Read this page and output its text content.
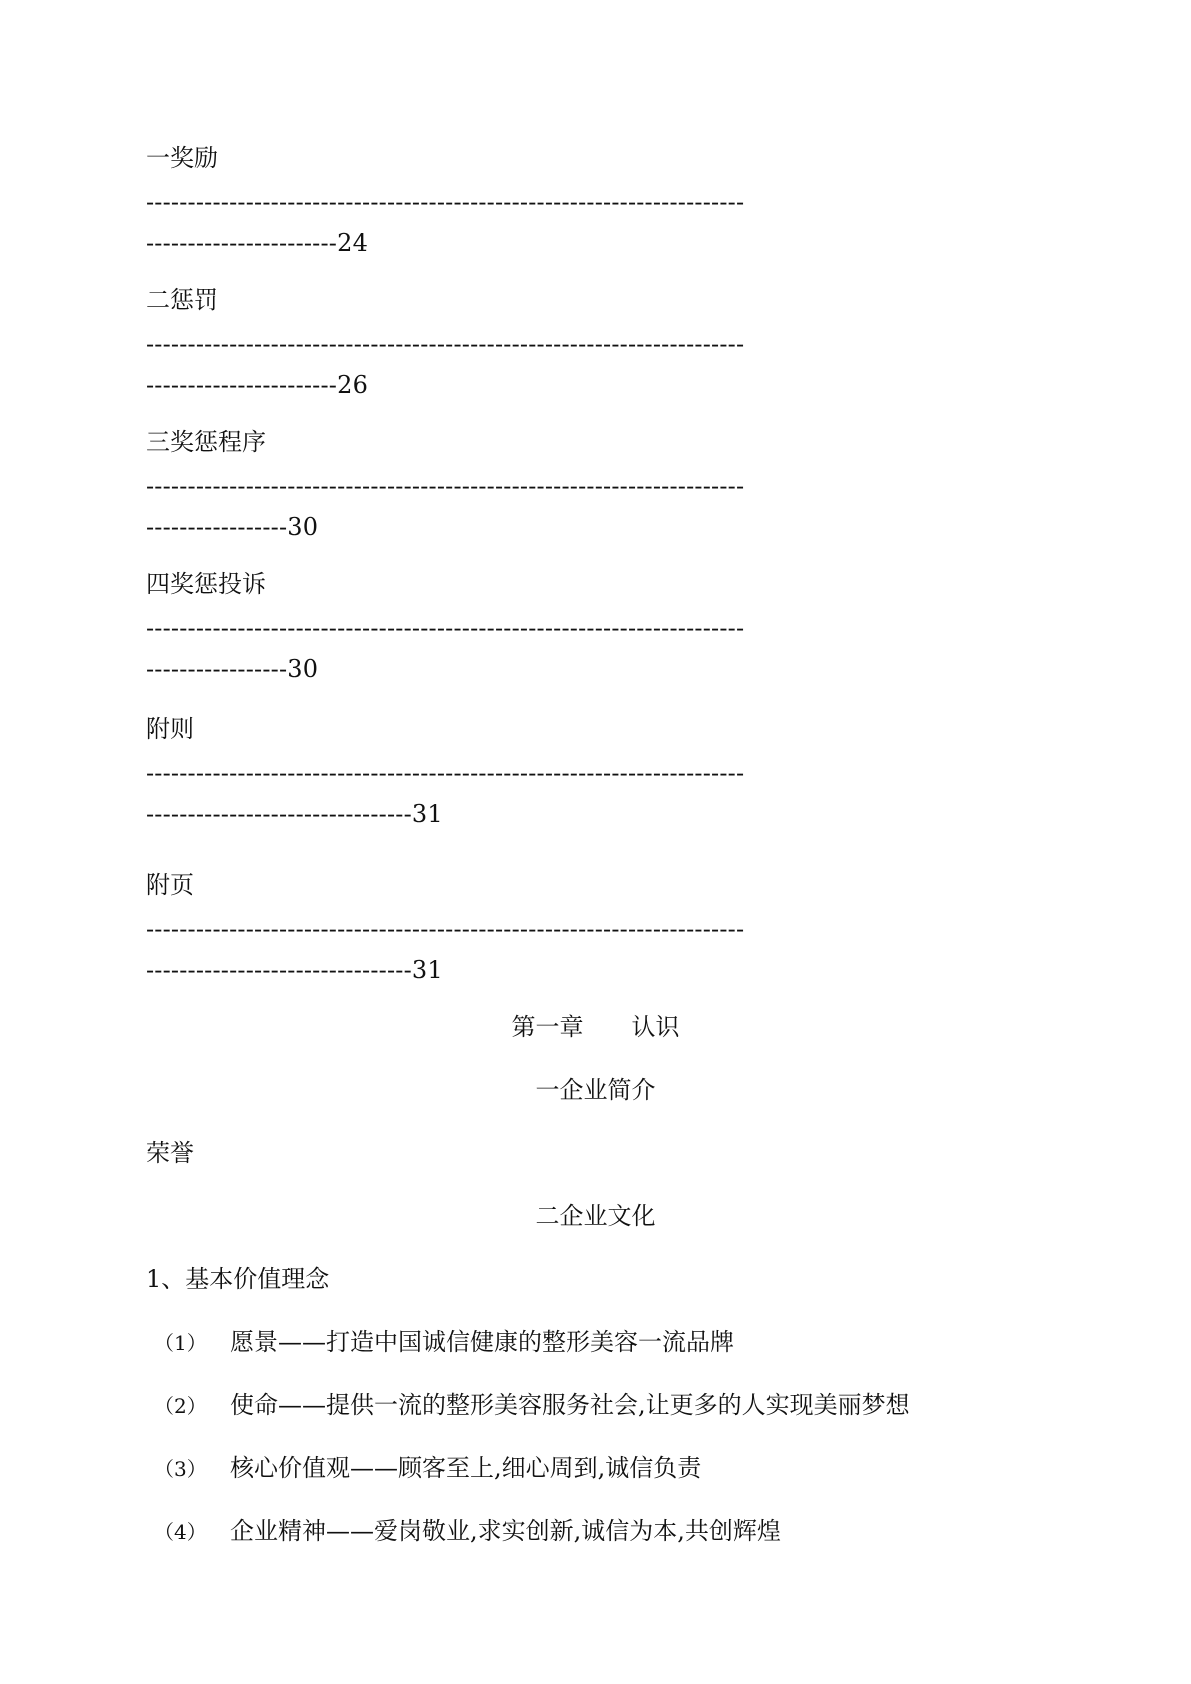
一奖励
------------------------------------------------------------------------
-----------------------24
二惩罚
------------------------------------------------------------------------
-----------------------26
三奖惩程序
------------------------------------------------------------------------
-----------------30
四奖惩投诉
------------------------------------------------------------------------
-----------------30
附则
------------------------------------------------------------------------
--------------------------------31
附页
------------------------------------------------------------------------
--------------------------------31
第一章　　认识
一企业简介
荣誉
二企业文化
1、基本价值理念
（1） 愿景——打造中国诚信健康的整形美容一流品牌
（2） 使命——提供一流的整形美容服务社会,让更多的人实现美丽梦想
（3） 核心价值观——顾客至上,细心周到,诚信负责
（4） 企业精神——爱岗敬业,求实创新,诚信为本,共创辉煌
